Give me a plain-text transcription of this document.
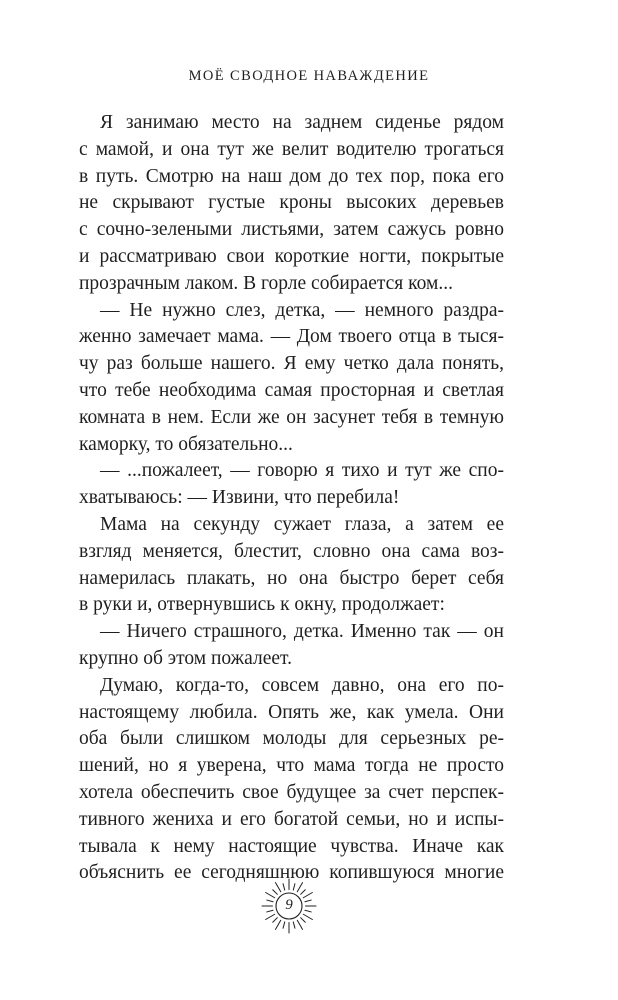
МОЁ СВОДНОЕ НАВАЖДЕНИЕ
Я занимаю место на заднем сиденье рядом
с мамой, и она тут же велит водителю трогаться
в путь. Смотрю на наш дом до тех пор, пока его
не скрывают густые кроны высоких деревьев
с сочно-зелеными листьями, затем сажусь ровно
и рассматриваю свои короткие ногти, покрытые
прозрачным лаком. В горле собирается ком...
— Не нужно слез, детка, — немного раздра-
женно замечает мама. — Дом твоего отца в тыся-
чу раз больше нашего. Я ему четко дала понять,
что тебе необходима самая просторная и светлая
комната в нем. Если же он засунет тебя в темную
каморку, то обязательно...
— ...пожалеет, — говорю я тихо и тут же спо-
хватываюсь: — Извини, что перебила!
Мама на секунду сужает глаза, а затем ее
взгляд меняется, блестит, словно она сама воз-
намерилась плакать, но она быстро берет себя
в руки и, отвернувшись к окну, продолжает:
— Ничего страшного, детка. Именно так — он
крупно об этом пожалеет.
Думаю, когда-то, совсем давно, она его по-
настоящему любила. Опять же, как умела. Они
оба были слишком молоды для серьезных ре-
шений, но я уверена, что мама тогда не просто
хотела обеспечить свое будущее за счет перспек-
тивного жениха и его богатой семьи, но и испы-
тывала к нему настоящие чувства. Иначе как
объяснить ее сегодняшнюю копившуюся многие
9
